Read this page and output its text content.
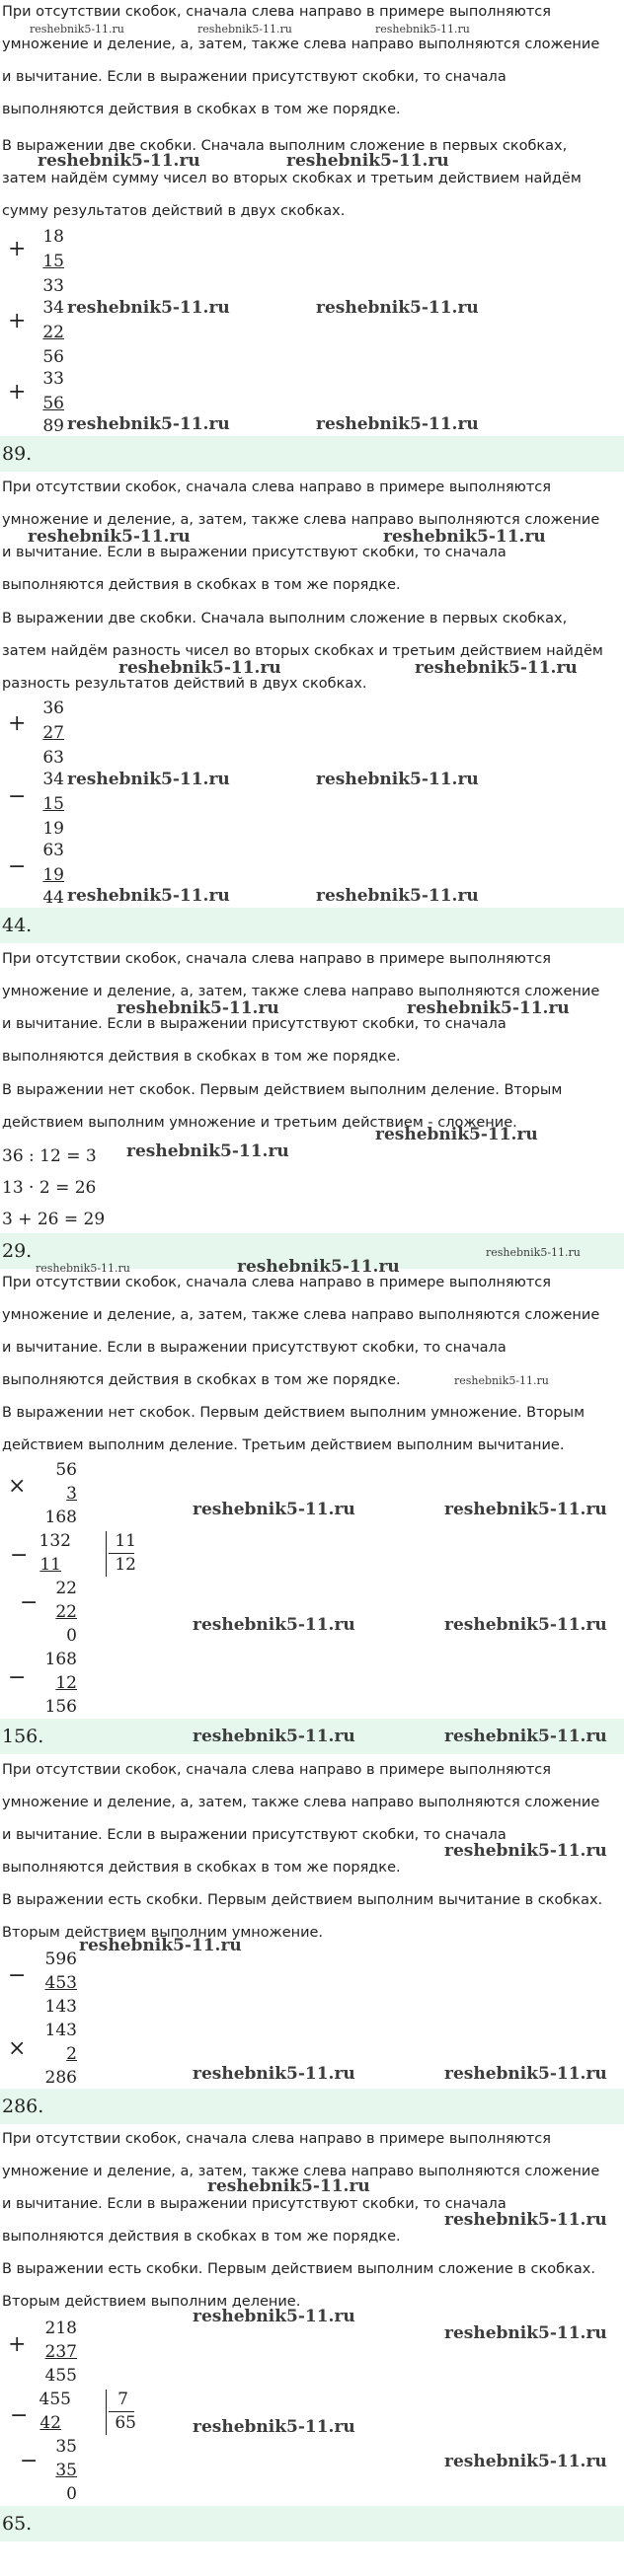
При отсутствии скобок, сначала слева направо в примере выполняются
умножение и деление, а, затем, также слева направо выполняются сложение
и вычитание. Если в выражении присутствуют скобки, то сначала
выполняются действия в скобках в том же порядке.
В выражении две скобки. Сначала выполним сложение в первых скобках,
затем найдём сумму чисел во вторых скобках и третьим действием найдём
сумму результатов действий в двух скобках.
reshebnik5-11.ru	reshebnik5-11.ru	reshebnik5-11.ru
reshebnik5-11.ru	reshebnik5-11.ru
+ 18
15
33
+
34
22
56
reshebnik5-11.ru	reshebnik5-11.ru
+
33
56
89 reshebnik5-11.ru	reshebnik5-11.ru
89.
При отсутствии скобок, сначала слева направо в примере выполняются
умножение и деление, а, затем, также слева направо выполняются сложение
и вычитание. Если в выражении присутствуют скобки, то сначала
выполняются действия в скобках в том же порядке.
В выражении две скобки. Сначала выполним сложение в первых скобках,
затем найдём разность чисел во вторых скобках и третьим действием найдём
разность результатов действий в двух скобках.
reshebnik5-11.ru	reshebnik5-11.ru
reshebnik5-11.ru	reshebnik5-11.ru
+
36
27
63
−
34
15
19
reshebnik5-11.ru	reshebnik5-11.ru
−
63
19
44 reshebnik5-11.ru	reshebnik5-11.ru
44.
При отсутствии скобок, сначала слева направо в примере выполняются
умножение и деление, а, затем, также слева направо выполняются сложение
и вычитание. Если в выражении присутствуют скобки, то сначала
выполняются действия в скобках в том же порядке.
В выражении нет скобок. Первым действием выполним деление. Вторым
действием выполним умножение и третьим действием - сложение.
reshebnik5-11.ru	reshebnik5-11.ru
reshebnik5-11.ru
reshebnik5-11.ru
36 : 12 = 3
13 · 2 = 26
3 + 26 = 29
29.	reshebnik5-11.ru
reshebnik5-11.ru	reshebnik5-11.ru
При отсутствии скобок, сначала слева направо в примере выполняются
умножение и деление, а, затем, также слева направо выполняются сложение
и вычитание. Если в выражении присутствуют скобки, то сначала
выполняются действия в скобках в том же порядке.	reshebnik5-11.ru
В выражении нет скобок. Первым действием выполним умножение. Вторым
действием выполним деление. Третьим действием выполним вычитание.
×
56
3
168	reshebnik5-11.ru	reshebnik5-11.ru
−
132
11
11
12
−
22
22
0
reshebnik5-11.ru	reshebnik5-11.ru
−
168
12
156
156.	reshebnik5-11.ru	reshebnik5-11.ru
При отсутствии скобок, сначала слева направо в примере выполняются
умножение и деление, а, затем, также слева направо выполняются сложение
и вычитание. Если в выражении присутствуют скобки, то сначала
выполняются действия в скобках в том же порядке.
reshebnik5-11.ru
В выражении есть скобки. Первым действием выполним вычитание в скобках.
Вторым действием выполним умножение.
reshebnik5-11.ru
−
596
453
143
×
143
2
286	reshebnik5-11.ru	reshebnik5-11.ru
286.
При отсутствии скобок, сначала слева направо в примере выполняются
умножение и деление, а, затем, также слева направо выполняются сложение
reshebnik5-11.ru
reshebnik5-11.ru
и вычитание. Если в выражении присутствуют скобки, то сначала
выполняются действия в скобках в том же порядке.
В выражении есть скобки. Первым действием выполним сложение в скобках.
Вторым действием выполним деление.
reshebnik5-11.ru
reshebnik5-11.ru
+
218
237
455
−
455
42
7
65	reshebnik5-11.ru
−
35
35
0
reshebnik5-11.ru
65.
